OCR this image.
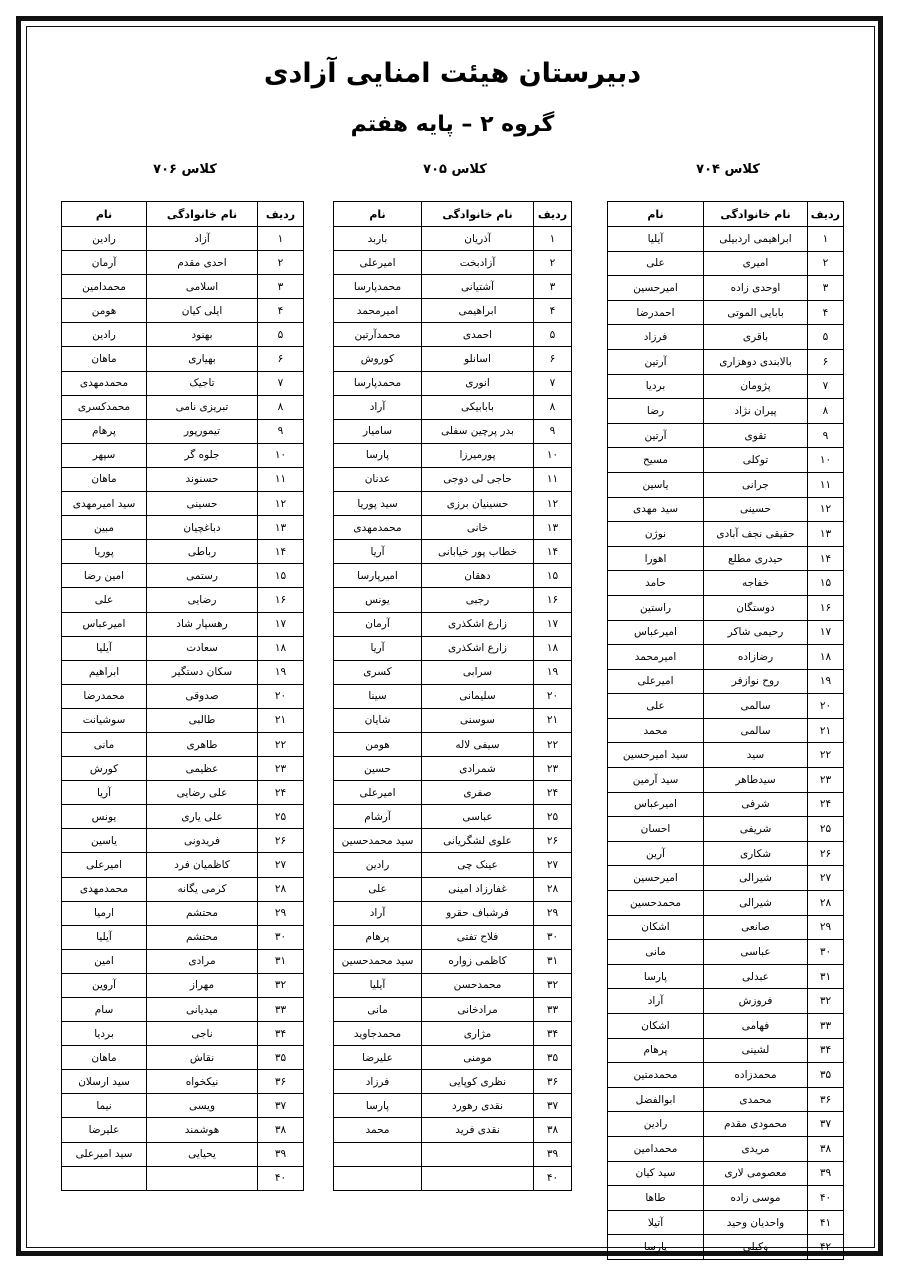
دبیرستان هیئت امنایی آزادی
گروه ۲ – پایه هفتم
کلاس ۷۰۴
کلاس ۷۰۵
کلاس ۷۰۶
ردیف	نام خانوادگی	نام
۱	ابراهیمی اردبیلی	آیلیا
۲	امیری	علی
۳	اوحدی زاده	امیرحسین
۴	بابایی الموتی	احمدرضا
۵	باقری	فرزاد
۶	بالابندی دوهزاری	آرتین
۷	پژومان	بردیا
۸	پیران نژاد	رضا
۹	تقوی	آرتین
۱۰	توکلی	مسیح
۱۱	جرانی	یاسین
۱۲	حسینی	سید مهدی
۱۳	حقیقی نجف آبادی	نوژن
۱۴	حیدری مطلع	اهورا
۱۵	خفاجه	حامد
۱۶	دوستگان	راستین
۱۷	رحیمی شاکر	امیرعباس
۱۸	رضازاده	امیرمحمد
۱۹	روح نوازفر	امیرعلی
۲۰	سالمی	علی
۲۱	سالمی	محمد
۲۲	سید	سید امیرحسین
۲۳	سیدطاهر	سید آرمین
۲۴	شرفی	امیرعباس
۲۵	شریفی	احسان
۲۶	شکاری	آرین
۲۷	شیرالی	امیرحسین
۲۸	شیرالی	محمدحسین
۲۹	صانعی	اشکان
۳۰	عباسی	مانی
۳۱	عبدلی	پارسا
۳۲	فروزش	آراد
۳۳	فهامی	اشکان
۳۴	لشینی	پرهام
۳۵	محمدزاده	محمدمتین
۳۶	محمدی	ابوالفضل
۳۷	محمودی مقدم	رادین
۳۸	مریدی	محمدامین
۳۹	معصومی لاری	سید کیان
۴۰	موسی زاده	طاها
۴۱	واحدیان وحید	آتیلا
۴۲	وکیلی	پارسا
ردیف	نام خانوادگی	نام
۱	آذریان	باربد
۲	آزادبخت	امیرعلی
۳	آشتیانی	محمدپارسا
۴	ابراهیمی	امیرمحمد
۵	احمدی	محمدآرتین
۶	اسانلو	کوروش
۷	انوری	محمدپارسا
۸	بابابیکی	آراد
۹	بدر پرچین سفلی	سامیار
۱۰	پورمیرزا	پارسا
۱۱	حاجی لی دوجی	عدنان
۱۲	حسینیان برزی	سید پوریا
۱۳	خانی	محمدمهدی
۱۴	خطاب پور خیابانی	آریا
۱۵	دهقان	امیرپارسا
۱۶	رجبی	یونس
۱۷	زارع اشکذری	آرمان
۱۸	زارع اشکذری	آریا
۱۹	سرابی	کسری
۲۰	سلیمانی	سینا
۲۱	سوسنی	شایان
۲۲	سیفی لاله	هومن
۲۳	شمرادی	حسین
۲۴	صفری	امیرعلی
۲۵	عباسی	آرشام
۲۶	علوی لشگریانی	سید محمدحسین
۲۷	عینک چی	رادین
۲۸	غفارزاد امینی	علی
۲۹	فرشباف حقرو	آراد
۳۰	فلاح تفتی	پرهام
۳۱	کاظمی زواره	سید محمدحسین
۳۲	محمدحسن	آیلیا
۳۳	مرادخانی	مانی
۳۴	مژاری	محمدجاوید
۳۵	مومنی	علیرضا
۳۶	نظری کوپایی	فرزاد
۳۷	نقدی رهورد	پارسا
۳۸	نقدی فرید	محمد
۳۹		
۴۰		
ردیف	نام خانوادگی	نام
۱	آزاد	رادین
۲	احدی مقدم	آرمان
۳	اسلامی	محمدامین
۴	ایلی کیان	هومن
۵	بهنود	رادین
۶	بهیاری	ماهان
۷	تاجیک	محمدمهدی
۸	تبریزی نامی	محمدکسری
۹	تیمورپور	پرهام
۱۰	جلوه گر	سپهر
۱۱	حسنوند	ماهان
۱۲	حسینی	سید امیرمهدی
۱۳	دباغچیان	مبین
۱۴	رباطی	پوریا
۱۵	رستمی	امین رضا
۱۶	رضایی	علی
۱۷	رهسپار شاد	امیرعباس
۱۸	سعادت	آیلیا
۱۹	سکان دستگیر	ابراهیم
۲۰	صدوقی	محمدرضا
۲۱	طالبی	سوشیانت
۲۲	طاهری	مانی
۲۳	عظیمی	کورش
۲۴	علی رضایی	آریا
۲۵	علی یاری	یونس
۲۶	فریدونی	یاسین
۲۷	کاظمیان فرد	امیرعلی
۲۸	کرمی یگانه	محمدمهدی
۲۹	محتشم	ارمیا
۳۰	محتشم	آیلیا
۳۱	مرادی	امین
۳۲	مهراز	آروین
۳۳	میدیانی	سام
۳۴	ناجی	بردیا
۳۵	نقاش	ماهان
۳۶	نیکخواه	سید ارسلان
۳۷	ویسی	نیما
۳۸	هوشمند	علیرضا
۳۹	یحیایی	سید امیرعلی
۴۰		
